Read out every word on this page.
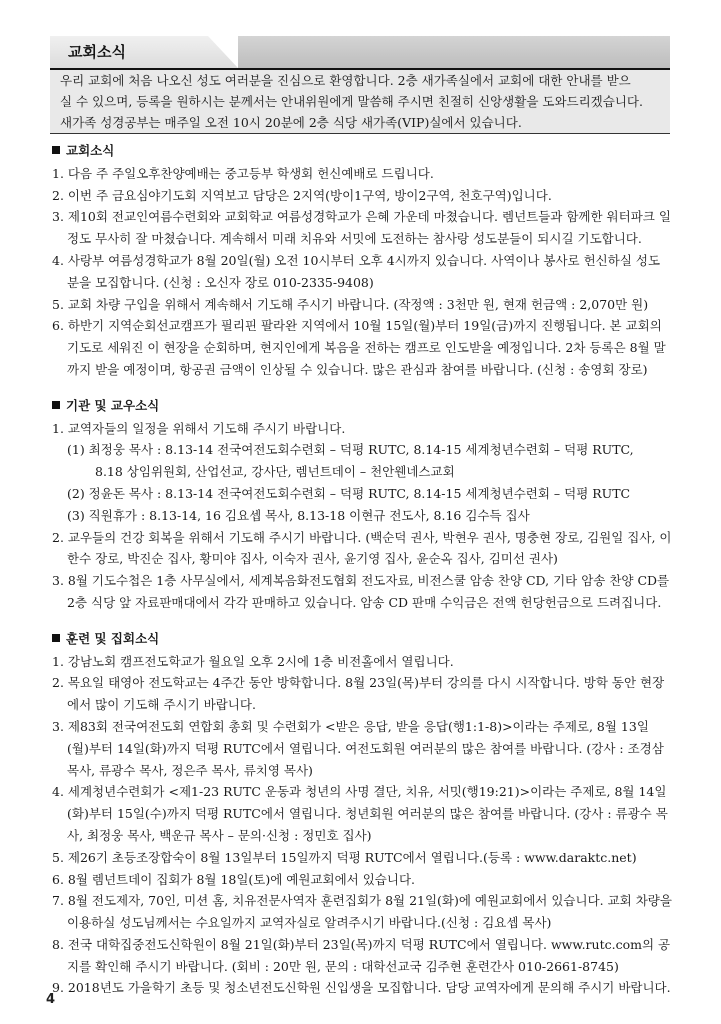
교회소식

우리 교회에 처음 나오신 성도 여러분을 진심으로 환영합니다. 2층 새가족실에서 교회에 대한 안내를 받으

실 수 있으며, 등록을 원하시는 분께서는 안내위원에게 말씀해 주시면 친절히 신앙생활을 도와드리겠습니다.

새가족 성경공부는 매주일 오전 10시 20분에 2층 식당 새가족(VIP)실에서 있습니다.

교회소식
1. 다음 주 주일오후찬양예배는 중고등부 학생회 헌신예배로 드립니다.
2. 이번 주 금요심야기도회 지역보고 담당은 2지역(방이1구역, 방이2구역, 천호구역)입니다.
3. 제10회 전교인여름수련회와 교회학교 여름성경학교가 은혜 가운데 마쳤습니다. 렘넌트들과 함께한 워터파크 일정도 무사히 잘 마쳤습니다. 계속해서 미래 치유와 서밋에 도전하는 참사랑 성도분들이 되시길 기도합니다.
4. 사랑부 여름성경학교가 8월 20일(월) 오전 10시부터 오후 4시까지 있습니다. 사역이나 봉사로 헌신하실 성도분을 모집합니다. (신청 : 오신자 장로 010-2335-9408)
5. 교회 차량 구입을 위해서 계속해서 기도해 주시기 바랍니다. (작정액 : 3천만 원, 현재 헌금액 : 2,070만 원)
6. 하반기 지역순회선교캠프가 필리핀 팔라완 지역에서 10월 15일(월)부터 19일(금)까지 진행됩니다. 본 교회의 기도로 세워진 이 현장을 순회하며, 현지인에게 복음을 전하는 캠프로 인도받을 예정입니다. 2차 등록은 8월 말까지 받을 예정이며, 항공권 금액이 인상될 수 있습니다. 많은 관심과 참여를 바랍니다. (신청 : 송영회 장로)
기관 및 교우소식
1. 교역자들의 일정을 위해서 기도해 주시기 바랍니다.
(1) 최정웅 목사 : 8.13-14 전국여전도회수련회 – 덕평 RUTC, 8.14-15 세계청년수련회 – 덕평 RUTC,
8.18 상임위원회, 산업선교, 강사단, 렘넌트데이 – 천안웬네스교회
(2) 정윤돈 목사 : 8.13-14 전국여전도회수련회 – 덕평 RUTC, 8.14-15 세계청년수련회 – 덕평 RUTC
(3) 직원휴가 : 8.13-14, 16 김요셉 목사, 8.13-18 이현규 전도사, 8.16 김수득 집사
2. 교우들의 건강 회복을 위해서 기도해 주시기 바랍니다. (백순덕 권사, 박현우 권사, 명충현 장로, 김원일 집사, 이한수 장로, 박진순 집사, 황미야 집사, 이숙자 권사, 윤기영 집사, 윤순옥 집사, 김미선 권사)
3. 8월 기도수첩은 1층 사무실에서, 세계복음화전도협회 전도자료, 비전스쿨 암송 찬양 CD, 기타 암송 찬양 CD를 2층 식당 앞 자료판매대에서 각각 판매하고 있습니다. 암송 CD 판매 수익금은 전액 헌당헌금으로 드려집니다.
훈련 및 집회소식
1. 강남노회 캠프전도학교가 월요일 오후 2시에 1층 비전홀에서 열립니다.
2. 목요일 태영아 전도학교는 4주간 동안 방학합니다. 8월 23일(목)부터 강의를 다시 시작합니다. 방학 동안 현장에서 많이 기도해 주시기 바랍니다.
3. 제83회 전국여전도회 연합회 총회 및 수련회가 <받은 응답, 받을 응답(행1:1-8)>이라는 주제로, 8월 13일 (월)부터 14일(화)까지 덕평 RUTC에서 열립니다. 여전도회원 여러분의 많은 참여를 바랍니다. (강사 : 조경삼 목사, 류광수 목사, 정은주 목사, 류치영 목사)
4. 세계청년수련회가 <제1-23 RUTC 운동과 청년의 사명 결단, 치유, 서밋(행19:21)>이라는 주제로, 8월 14일 (화)부터 15일(수)까지 덕평 RUTC에서 열립니다. 청년회원 여러분의 많은 참여를 바랍니다. (강사 : 류광수 목사, 최정웅 목사, 백운규 목사 – 문의·신청 : 정민호 집사)
5. 제26기 초등조장합숙이 8월 13일부터 15일까지 덕평 RUTC에서 열립니다.(등록 : www.daraktc.net)
6. 8월 렘넌트데이 집회가 8월 18일(토)에 예원교회에서 있습니다.
7. 8월 전도제자, 70인, 미션 홈, 치유전문사역자 훈련집회가 8월 21일(화)에 예원교회에서 있습니다. 교회 차량을 이용하실 성도님께서는 수요일까지 교역자실로 알려주시기 바랍니다.(신청 : 김요셉 목사)
8. 전국 대학집중전도신학원이 8월 21일(화)부터 23일(목)까지 덕평 RUTC에서 열립니다. www.rutc.com의 공지를 확인해 주시기 바랍니다. (회비 : 20만 원, 문의 : 대학선교국 김주현 훈련간사 010-2661-8745)
9. 2018년도 가을학기 초등 및 청소년전도신학원 신입생을 모집합니다. 담당 교역자에게 문의해 주시기 바랍니다.
4
